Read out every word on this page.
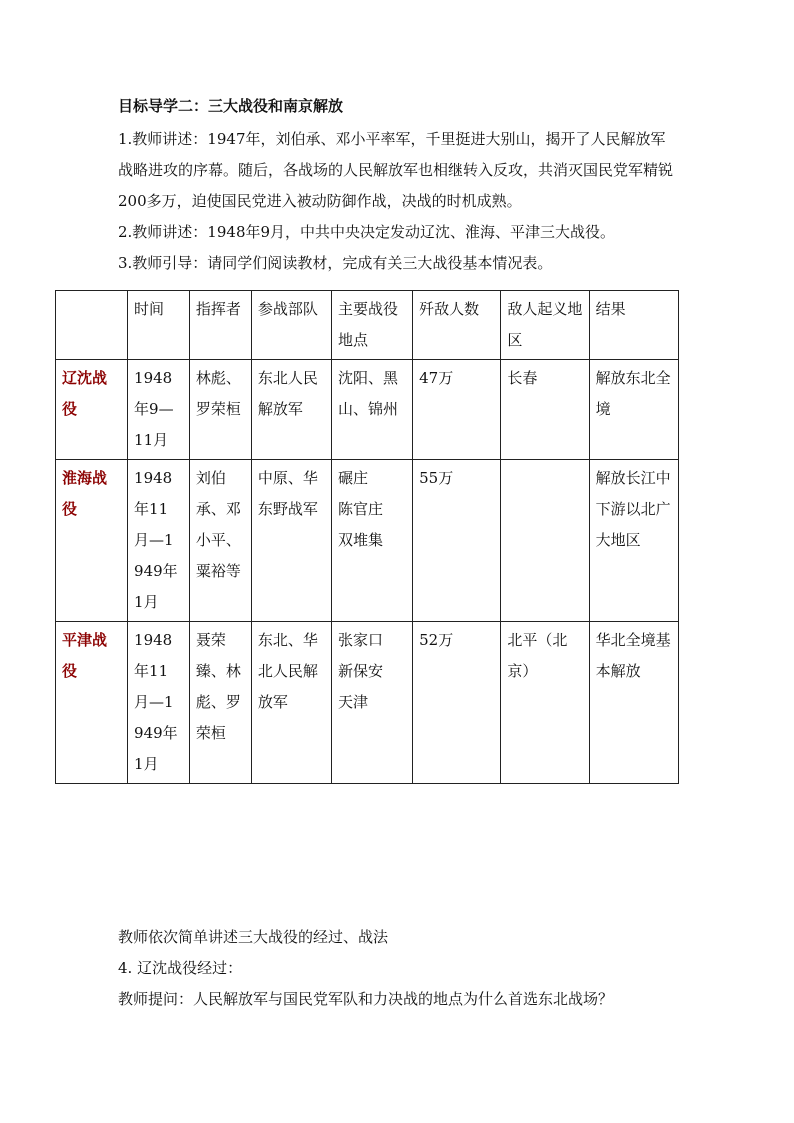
目标导学二：三大战役和南京解放

1.教师讲述：1947年，刘伯承、邓小平率军，千里挺进大别山，揭开了人民解放军战略进攻的序幕。随后，各战场的人民解放军也相继转入反攻，共消灭国民党军精锐200多万，迫使国民党进入被动防御作战，决战的时机成熟。

2.教师讲述：1948年9月，中共中央决定发动辽沈、淮海、平津三大战役。

3.教师引导：请同学们阅读教材，完成有关三大战役基本情况表。

	时间	指挥者	参战部队	主要战役地点	歼敌人数	敌人起义地区	结果
辽沈战役	1948年9—11月	林彪、罗荣桓	东北人民解放军	沈阳、黑山、锦州	47万	长春	解放东北全境
淮海战役	1948年11月—1949年1月	刘伯承、邓小平、粟裕等	中原、华东野战军	碾庄
陈官庄
双堆集	55万		解放长江中下游以北广大地区
平津战役	1948年11月—1949年1月	聂荣臻、林彪、罗荣桓	东北、华北人民解放军	张家口
新保安
天津	52万	北平（北京）	华北全境基本解放

教师依次简单讲述三大战役的经过、战法

4. 辽沈战役经过：

教师提问：人民解放军与国民党军队和力决战的地点为什么首选东北战场？
